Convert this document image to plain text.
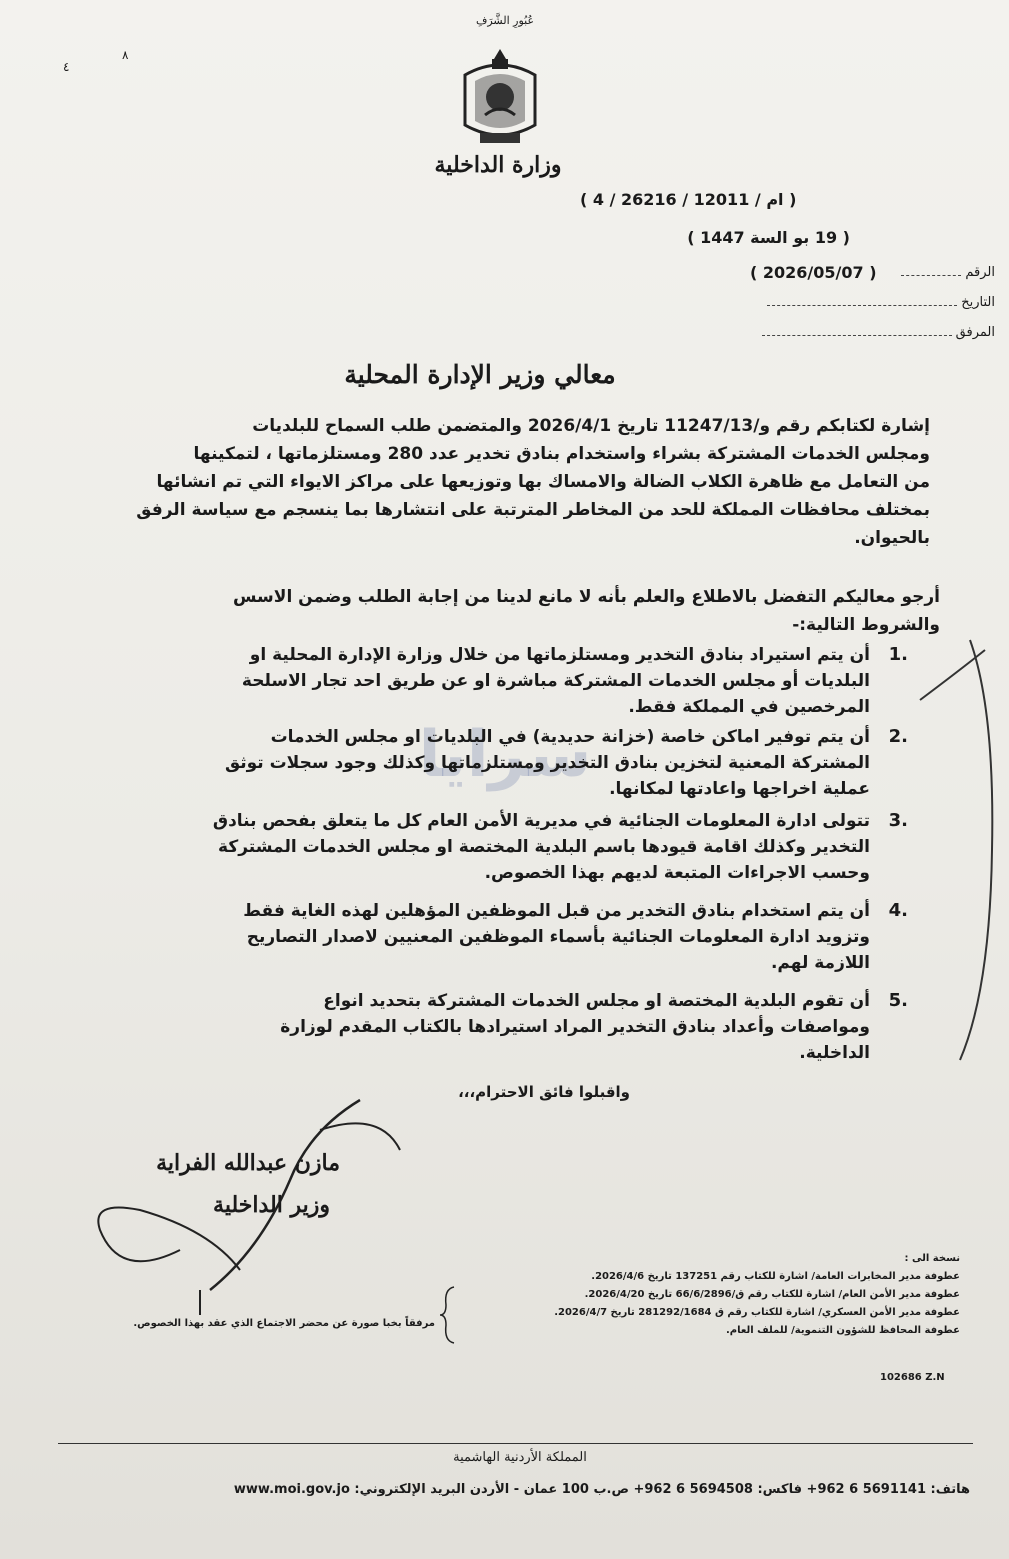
سرايا
عُبُورِ الشَّرَفِ
٨
٤
وزارة الداخلية
( 4 / ام / 12011 / 26216 )
( 19 بو السة 1447 )
( 2026/05/07 )	الرقم
التاريخ
المرفق
معالي وزير الإدارة المحلية
إشارة لكتابكم رقم و/11247/13 تاريخ 2026/4/1 والمتضمن طلب السماح للبلديات
ومجلس الخدمات المشتركة بشراء واستخدام بنادق تخدير عدد 280 ومستلزماتها ، لتمكينها
من التعامل مع ظاهرة الكلاب الضالة والامساك بها وتوزيعها على مراكز الايواء التي تم انشائها
بمختلف محافظات المملكة للحد من المخاطر المترتبة على انتشارها بما ينسجم مع سياسة الرفق
بالحيوان.
أرجو معاليكم التفضل بالاطلاع والعلم بأنه لا مانع لدينا من إجابة الطلب وضمن الاسس
والشروط التالية:-
1.
أن يتم استيراد بنادق التخدير ومستلزماتها من خلال وزارة الإدارة المحلية او
البلديات أو مجلس الخدمات المشتركة مباشرة او عن طريق احد تجار الاسلحة
المرخصين في المملكة فقط.
2.
أن يتم توفير اماكن خاصة (خزانة حديدية) في البلديات او مجلس الخدمات
المشتركة المعنية لتخزين بنادق التخدير ومستلزماتها وكذلك وجود سجلات توثق
عملية اخراجها واعادتها لمكانها.
3.
تتولى ادارة المعلومات الجنائية في مديرية الأمن العام كل ما يتعلق بفحص بنادق
التخدير وكذلك اقامة قيودها باسم البلدية المختصة او مجلس الخدمات المشتركة
وحسب الاجراءات المتبعة لديهم بهذا الخصوص.
4.
أن يتم استخدام بنادق التخدير من قبل الموظفين المؤهلين لهذه الغاية فقط
وتزويد ادارة المعلومات الجنائية بأسماء الموظفين المعنيين لاصدار التصاريح
اللازمة لهم.
5.
أن تقوم البلدية المختصة او مجلس الخدمات المشتركة بتحديد انواع
ومواصفات وأعداد بنادق التخدير المراد استيرادها بالكتاب المقدم لوزارة
الداخلية.
واقبلوا فائق الاحترام،،،
مازن عبدالله الفراية
وزير الداخلية
نسخة الى :
عطوفة مدير المخابرات العامة/ اشارة للكتاب رقم 137251 تاريخ 2026/4/6.
عطوفة مدير الأمن العام/ اشارة للكتاب رقم ق/66/6/2896 تاريخ 2026/4/20.
عطوفة مدير الأمن العسكري/ اشارة للكتاب رقم ق 281292/1684 تاريخ 2026/4/7.
عطوفة المحافظ للشؤون التنموية/ للملف العام.
مرفقاً بخبا صورة عن محضر الاجتماع الذي عقد بهذا الخصوص.
102686 Z.N
المملكة الأردنية الهاشمية
هاتف: 5691141 6 962+ فاكس: 5694508 6 962+ ص.ب 100 عمان - الأردن البريد الإلكتروني: www.moi.gov.jo
